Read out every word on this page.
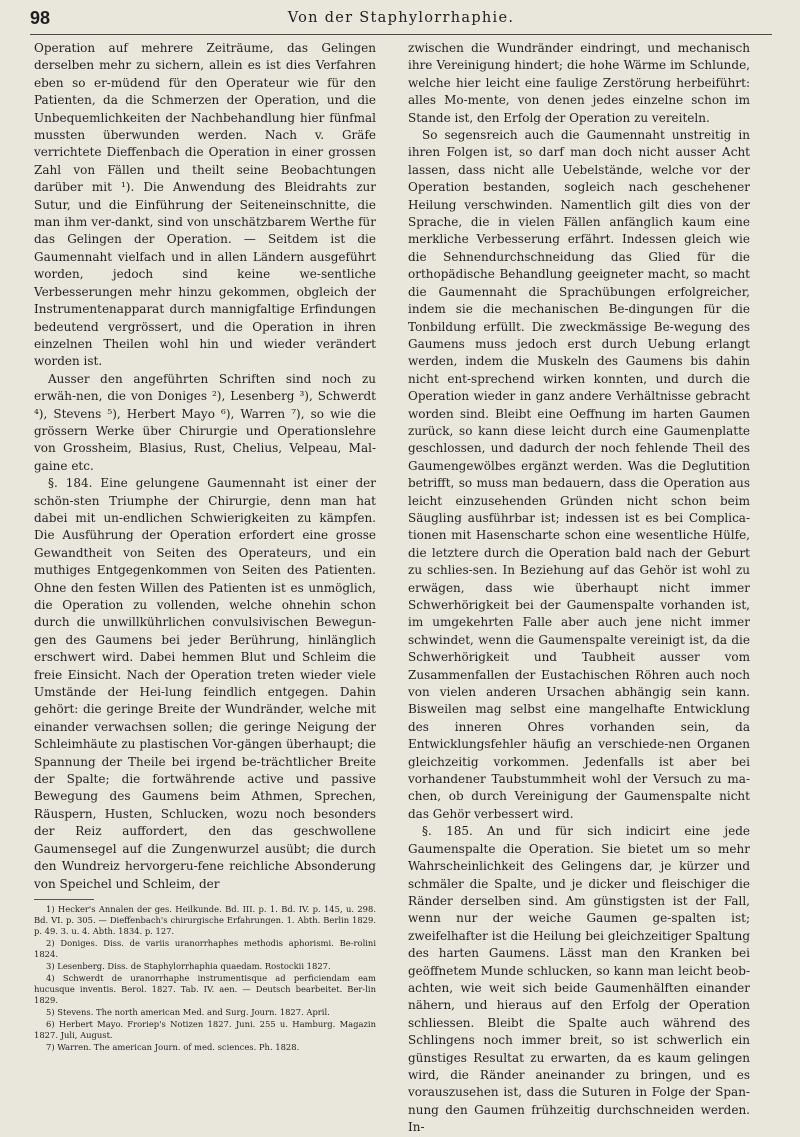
98	Von der Staphylorrhaphie.

Operation auf mehrere Zeiträume, das Gelingen derselben mehr zu sichern, allein es ist dies Verfahren eben so er-müdend für den Operateur wie für den Patienten, da die Schmerzen der Operation, und die Unbequemlichkeiten der Nachbehandlung hier fünfmal mussten überwunden werden. Nach v. Gräfe verrichtete Dieffenbach die Operation in einer grossen Zahl von Fällen und theilt seine Beobachtungen darüber mit ¹). Die Anwendung des Bleidrahts zur Sutur, und die Einführung der Seiteneinschnitte, die man ihm ver-dankt, sind von unschätzbarem Werthe für das Gelingen der Operation. — Seitdem ist die Gaumennaht vielfach und in allen Ländern ausgeführt worden, jedoch sind keine we-sentliche Verbesserungen mehr hinzu gekommen, obgleich der Instrumentenapparat durch mannigfaltige Erfindungen bedeutend vergrössert, und die Operation in ihren einzelnen Theilen wohl hin und wieder verändert worden ist.

Ausser den angeführten Schriften sind noch zu erwäh-nen, die von Doniges ²), Lesenberg ³), Schwerdt ⁴), Stevens ⁵), Herbert Mayo ⁶), Warren ⁷), so wie die grössern Werke über Chirurgie und Operationslehre von Grossheim, Blasius, Rust, Chelius, Velpeau, Mal-gaine etc.

§. 184. Eine gelungene Gaumennaht ist einer der schön-sten Triumphe der Chirurgie, denn man hat dabei mit un-endlichen Schwierigkeiten zu kämpfen. Die Ausführung der Operation erfordert eine grosse Gewandtheit von Seiten des Operateurs, und ein muthiges Entgegenkommen von Seiten des Patienten. Ohne den festen Willen des Patienten ist es unmöglich, die Operation zu vollenden, welche ohnehin schon durch die unwillkührlichen convulsivischen Bewegun-gen des Gaumens bei jeder Berührung, hinlänglich erschwert wird. Dabei hemmen Blut und Schleim die freie Einsicht. Nach der Operation treten wieder viele Umstände der Hei-lung feindlich entgegen. Dahin gehört: die geringe Breite der Wundränder, welche mit einander verwachsen sollen; die geringe Neigung der Schleimhäute zu plastischen Vor-gängen überhaupt; die Spannung der Theile bei irgend be-trächtlicher Breite der Spalte; die fortwährende active und passive Bewegung des Gaumens beim Athmen, Sprechen, Räuspern, Husten, Schlucken, wozu noch besonders der Reiz auffordert, den das geschwollene Gaumensegel auf die Zungenwurzel ausübt; die durch den Wundreiz hervorgeru-fene reichliche Absonderung von Speichel und Schleim, der

1) Hecker's Annalen der ges. Heilkunde. Bd. III. p. 1. Bd. IV. p. 145, u. 298. Bd. VI. p. 305. — Dieffenbach's chirurgische Erfahrungen. 1. Abth. Berlin 1829. p. 49. 3. u. 4. Abth. 1834. p. 127.

2) Doniges. Diss. de variis uranorrhaphes methodis aphorismi. Be-rolini 1824.

3) Lesenberg. Diss. de Staphylorrhaphia quaedam. Rostockii 1827.

4) Schwerdt de uranorrhaphe instrumentisque ad perficiendam eam hucusque inventis. Berol. 1827. Tab. IV. aen. — Deutsch bearbeitet. Ber-lin 1829.

5) Stevens. The north american Med. and Surg. Journ. 1827. April.

6) Herbert Mayo. Froriep's Notizen 1827. Juni. 255 u. Hamburg. Magazin 1827. Juli, August.

7) Warren. The american Journ. of med. sciences. Ph. 1828.

zwischen die Wundränder eindringt, und mechanisch ihre Vereinigung hindert; die hohe Wärme im Schlunde, welche hier leicht eine faulige Zerstörung herbeiführt: alles Mo-mente, von denen jedes einzelne schon im Stande ist, den Erfolg der Operation zu vereiteln.

So segensreich auch die Gaumennaht unstreitig in ihren Folgen ist, so darf man doch nicht ausser Acht lassen, dass nicht alle Uebelstände, welche vor der Operation bestanden, sogleich nach geschehener Heilung verschwinden. Namentlich gilt dies von der Sprache, die in vielen Fällen anfänglich kaum eine merkliche Verbesserung erfährt. Indessen gleich wie die Sehnendurchschneidung das Glied für die orthopädische Behandlung geeigneter macht, so macht die Gaumennaht die Sprachübungen erfolgreicher, indem sie die mechanischen Be-dingungen für die Tonbildung erfüllt. Die zweckmässige Be-wegung des Gaumens muss jedoch erst durch Uebung erlangt werden, indem die Muskeln des Gaumens bis dahin nicht ent-sprechend wirken konnten, und durch die Operation wieder in ganz andere Verhältnisse gebracht worden sind. Bleibt eine Oeffnung im harten Gaumen zurück, so kann diese leicht durch eine Gaumenplatte geschlossen, und dadurch der noch fehlende Theil des Gaumengewölbes ergänzt werden. Was die Deglutition betrifft, so muss man bedauern, dass die Operation aus leicht einzusehenden Gründen nicht schon beim Säugling ausführbar ist; indessen ist es bei Complica-tionen mit Hasenscharte schon eine wesentliche Hülfe, die letztere durch die Operation bald nach der Geburt zu schlies-sen. In Beziehung auf das Gehör ist wohl zu erwägen, dass wie überhaupt nicht immer Schwerhörigkeit bei der Gaumenspalte vorhanden ist, im umgekehrten Falle aber auch jene nicht immer schwindet, wenn die Gaumenspalte vereinigt ist, da die Schwerhörigkeit und Taubheit ausser vom Zusammenfallen der Eustachischen Röhren auch noch von vielen anderen Ursachen abhängig sein kann. Bisweilen mag selbst eine mangelhafte Entwicklung des inneren Ohres vorhanden sein, da Entwicklungsfehler häufig an verschiede-nen Organen gleichzeitig vorkommen. Jedenfalls ist aber bei vorhandener Taubstummheit wohl der Versuch zu ma-chen, ob durch Vereinigung der Gaumenspalte nicht das Gehör verbessert wird.

§. 185. An und für sich indicirt eine jede Gaumenspalte die Operation. Sie bietet um so mehr Wahrscheinlichkeit des Gelingens dar, je kürzer und schmäler die Spalte, und je dicker und fleischiger die Ränder derselben sind. Am günstigsten ist der Fall, wenn nur der weiche Gaumen ge-spalten ist; zweifelhafter ist die Heilung bei gleichzeitiger Spaltung des harten Gaumens. Lässt man den Kranken bei geöffnetem Munde schlucken, so kann man leicht beob-achten, wie weit sich beide Gaumenhälften einander nähern, und hieraus auf den Erfolg der Operation schliessen. Bleibt die Spalte auch während des Schlingens noch immer breit, so ist schwerlich ein günstiges Resultat zu erwarten, da es kaum gelingen wird, die Ränder aneinander zu bringen, und es vorauszusehen ist, dass die Suturen in Folge der Span-nung den Gaumen frühzeitig durchschneiden werden. In-
